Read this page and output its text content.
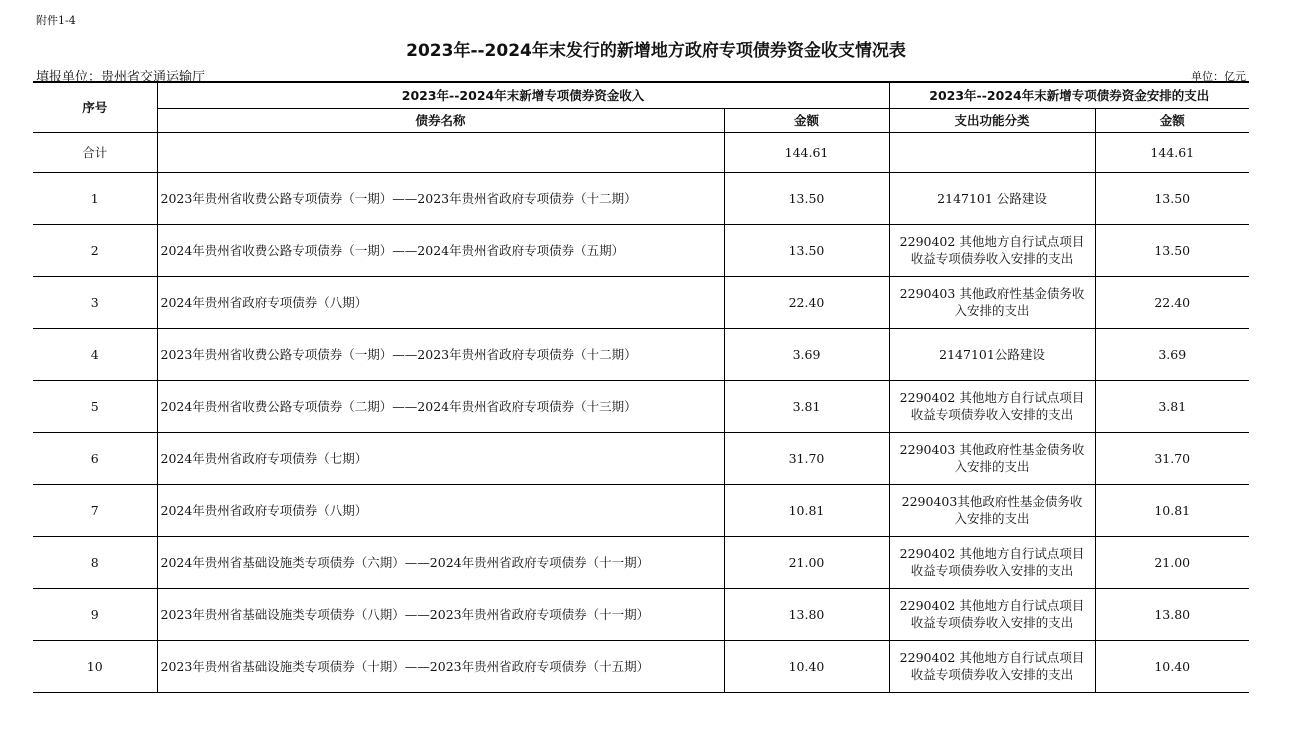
附件1-4
2023年--2024年末发行的新增地方政府专项债券资金收支情况表
填报单位：贵州省交通运输厅	单位：亿元
序号	2023年--2024年末新增专项债券资金收入		2023年--2024年末新增专项债券资金安排的支出	
	债券名称	金额	支出功能分类	金额
合计		144.61		144.61
1	2023年贵州省收费公路专项债券（一期）——2023年贵州省政府专项债券（十二期）	13.50	2147101 公路建设	13.50
2	2024年贵州省收费公路专项债券（一期）——2024年贵州省政府专项债券（五期）	13.50	2290402 其他地方自行试点项目
收益专项债券收入安排的支出	13.50
3	2024年贵州省政府专项债券（八期）	22.40	2290403 其他政府性基金债务收
入安排的支出	22.40
4	2023年贵州省收费公路专项债券（一期）——2023年贵州省政府专项债券（十二期）	3.69	2147101公路建设	3.69
5	2024年贵州省收费公路专项债券（二期）——2024年贵州省政府专项债券（十三期）	3.81	2290402 其他地方自行试点项目
收益专项债券收入安排的支出	3.81
6	2024年贵州省政府专项债券（七期）	31.70	2290403 其他政府性基金债务收
入安排的支出	31.70
7	2024年贵州省政府专项债券（八期）	10.81	2290403其他政府性基金债务收
入安排的支出	10.81
8	2024年贵州省基础设施类专项债券（六期）——2024年贵州省政府专项债券（十一期）	21.00	2290402 其他地方自行试点项目
收益专项债券收入安排的支出	21.00
9	2023年贵州省基础设施类专项债券（八期）——2023年贵州省政府专项债券（十一期）	13.80	2290402 其他地方自行试点项目
收益专项债券收入安排的支出	13.80
10	2023年贵州省基础设施类专项债券（十期）——2023年贵州省政府专项债券（十五期）	10.40	2290402 其他地方自行试点项目
收益专项债券收入安排的支出	10.40
